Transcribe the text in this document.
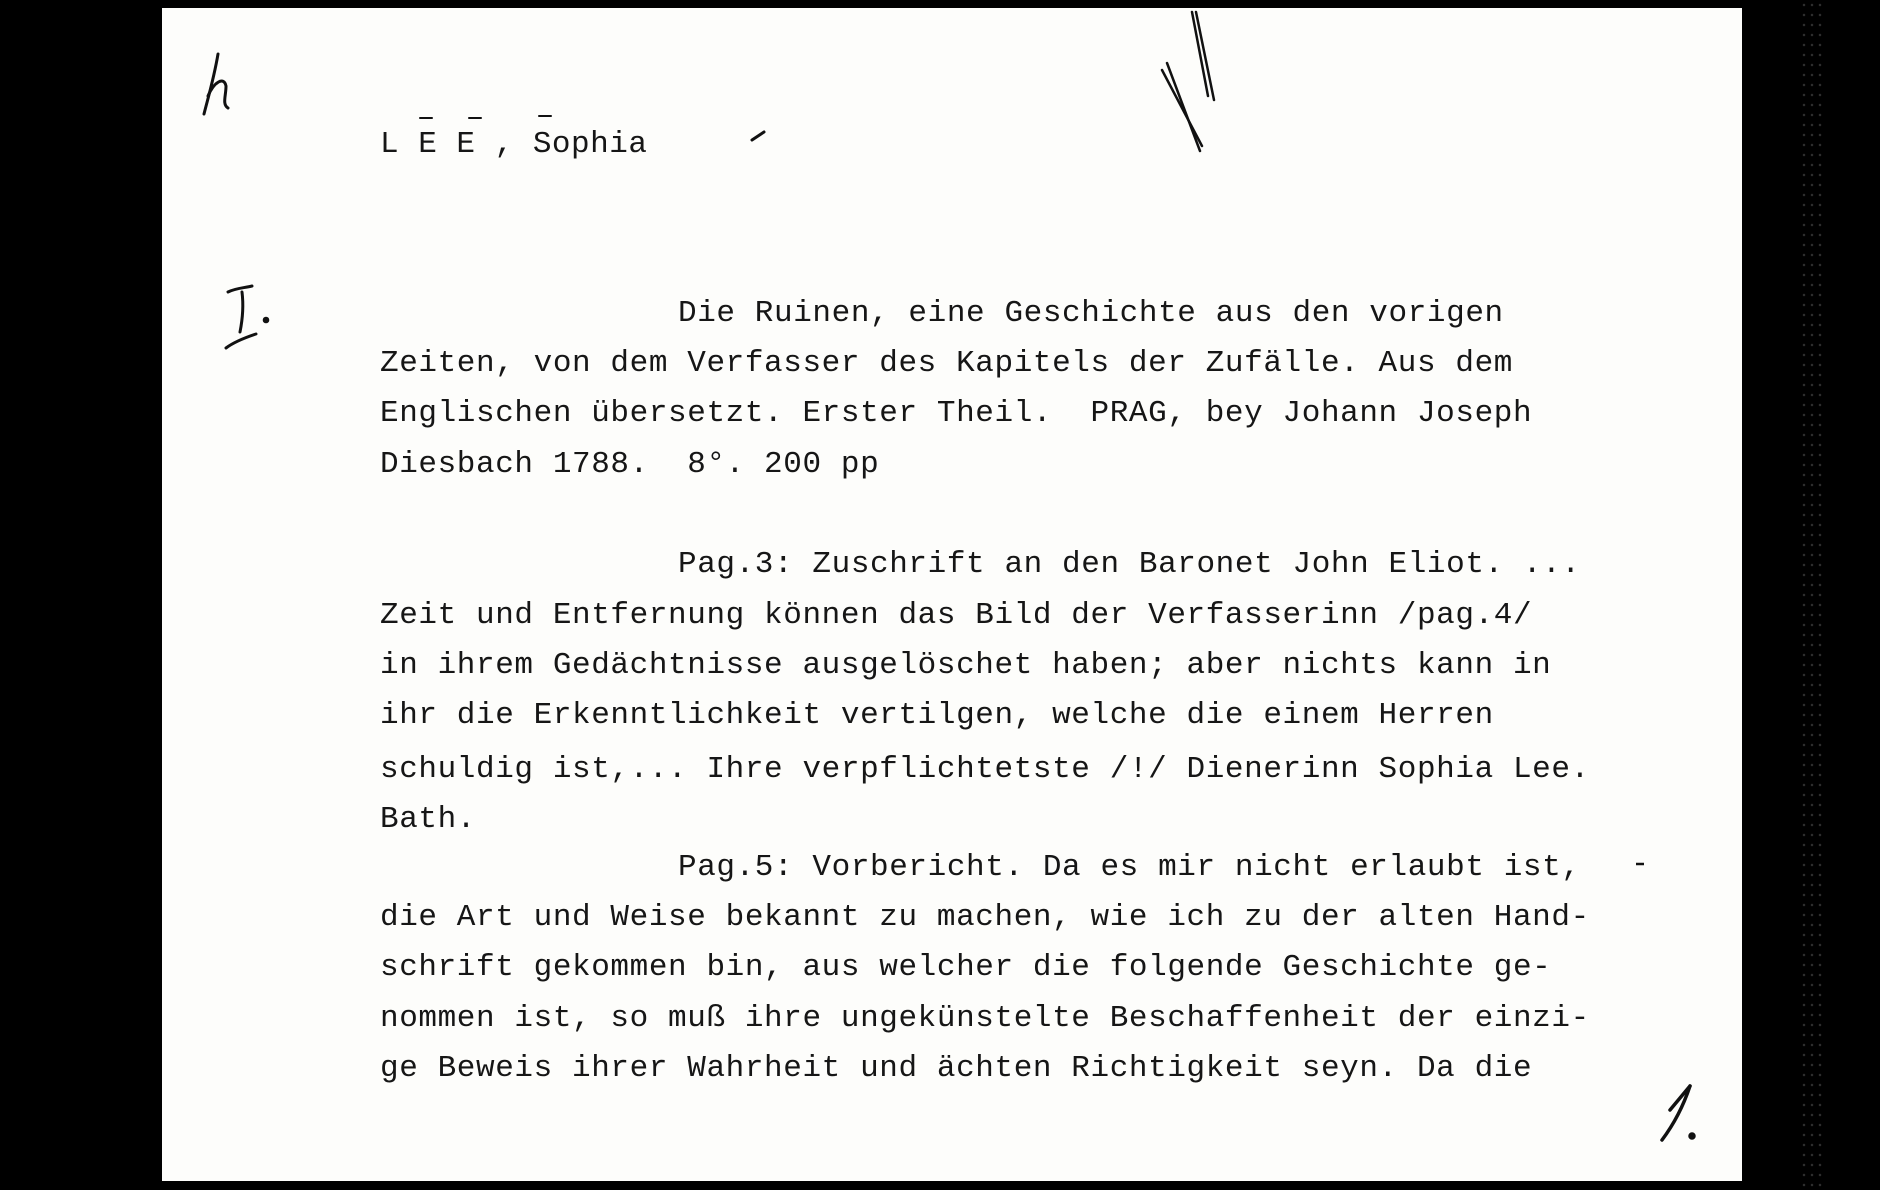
L E E , Sophia
Die Ruinen, eine Geschichte aus den vorigen
Zeiten, von dem Verfasser des Kapitels der Zufälle. Aus dem
Englischen übersetzt. Erster Theil.  PRAG, bey Johann Joseph
Diesbach 1788.  8°. 200 pp
Pag.3: Zuschrift an den Baronet John Eliot. ...
Zeit und Entfernung können das Bild der Verfasserinn /pag.4/
in ihrem Gedächtnisse ausgelöschet haben; aber nichts kann in
ihr die Erkenntlichkeit vertilgen, welche die einem Herren
schuldig ist,... Ihre verpflichtetste /!/ Dienerinn Sophia Lee.
Bath.
Pag.5: Vorbericht. Da es mir nicht erlaubt ist,
die Art und Weise bekannt zu machen, wie ich zu der alten Hand-
schrift gekommen bin, aus welcher die folgende Geschichte ge-
nommen ist, so muß ihre ungekünstelte Beschaffenheit der einzi-
ge Beweis ihrer Wahrheit und ächten Richtigkeit seyn. Da die
